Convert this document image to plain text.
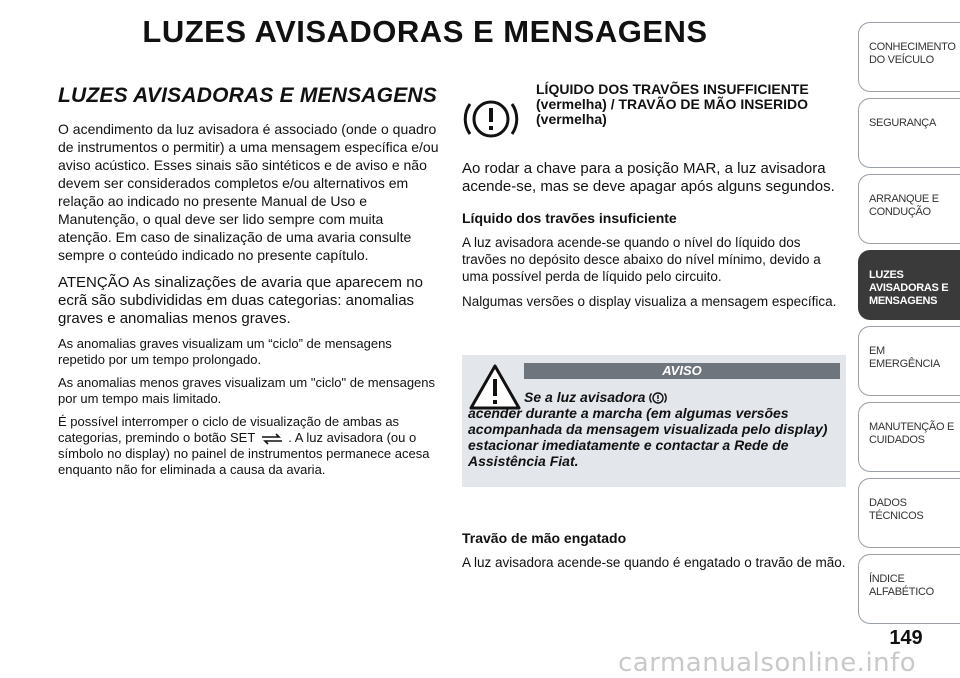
LUZES AVISADORAS E MENSAGENS
LUZES AVISADORAS E MENSAGENS

O acendimento da luz avisadora é associado (onde o quadro de instrumentos o permitir) a uma mensagem específica e/ou aviso acústico. Esses sinais são sintéticos e de aviso e não devem ser considerados completos e/ou alternativos em relação ao indicado no presente Manual de Uso e Manutenção, o qual deve ser lido sempre com muita atenção. Em caso de sinalização de uma avaria consulte sempre o conteúdo indicado no presente capítulo.

ATENÇÃO As sinalizações de avaria que aparecem no ecrã são subdivididas em duas categorias: anomalias graves e anomalias menos graves.

As anomalias graves visualizam um “ciclo” de mensagens repetido por um tempo prolongado.

As anomalias menos graves visualizam um "ciclo" de mensagens por um tempo mais limitado.

É possível interromper o ciclo de visualização de ambas as categorias, premindo o botão SET	. A luz avisadora (ou o símbolo no display) no painel de instrumentos permanece acesa enquanto não for eliminada a causa da avaria.

LÍQUIDO DOS TRAVÕES INSUFFICIENTE (vermelha) / TRAVÃO DE MÃO INSERIDO (vermelha)

Ao rodar a chave para a posição MAR, a luz avisadora acende-se, mas se deve apagar após alguns segundos.

Líquido dos travões insuficiente

A luz avisadora acende-se quando o nível do líquido dos travões no depósito desce abaixo do nível mínimo, devido a uma possível perda de líquido pelo circuito.

Nalgumas versões o display visualiza a mensagem específica.

AVISO

Se a luz avisadora
acender durante a marcha (em algumas versões acompanhada da mensagem visualizada pelo display) estacionar imediatamente e contactar a Rede de Assistência Fiat.

Travão de mão engatado

A luz avisadora acende-se quando é engatado o travão de mão.

CONHECIMENTO DO VEÍCULO
SEGURANÇA
ARRANQUE E CONDUÇÃO
LUZES AVISADORAS E MENSAGENS
EM EMERGÊNCIA
MANUTENÇÃO E CUIDADOS
DADOS TÉCNICOS
ÍNDICE ALFABÉTICO
149
carmanualsonline.info
